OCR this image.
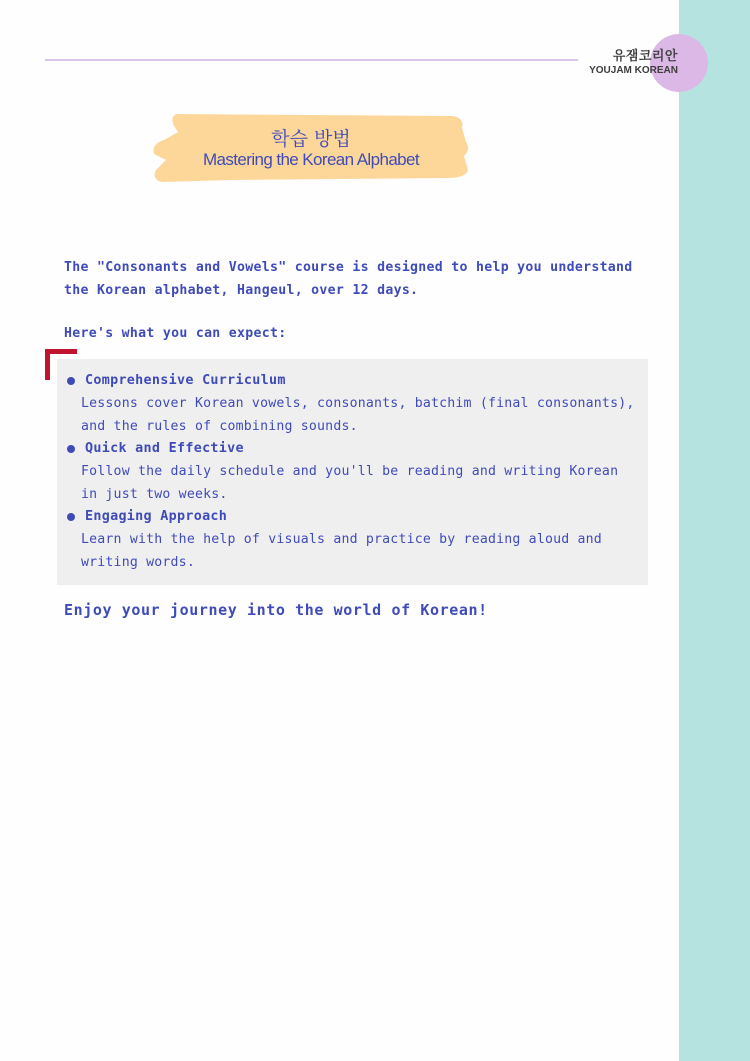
유잼코리안
YOUJAM KOREAN
학습 방법
Mastering the Korean Alphabet

The "Consonants and Vowels" course is designed to help you understand the Korean alphabet, Hangeul, over 12 days.

Here's what you can expect:

Comprehensive Curriculum

Lessons cover Korean vowels, consonants, batchim (final consonants), and the rules of combining sounds.

Quick and Effective

Follow the daily schedule and you'll be reading and writing Korean in just two weeks.

Engaging Approach

Learn with the help of visuals and practice by reading aloud and writing words.

Enjoy your journey into the world of Korean!
